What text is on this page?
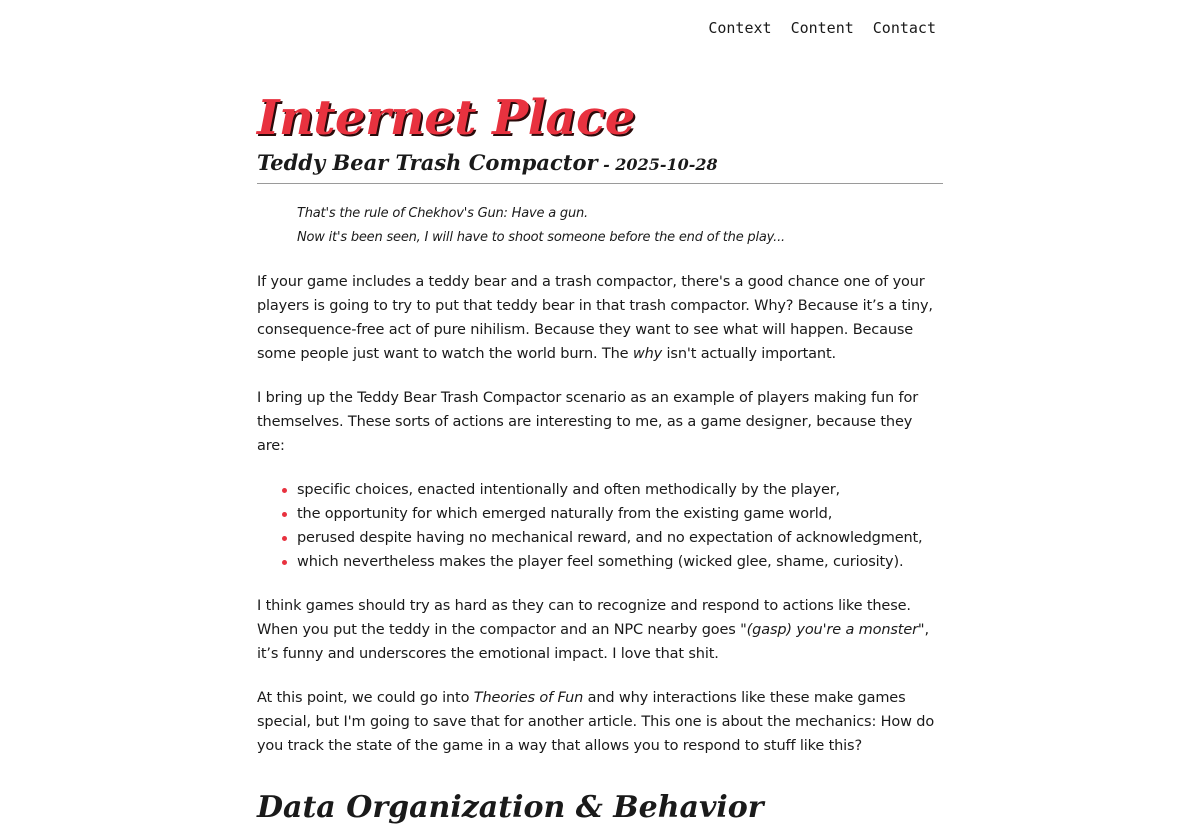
Context Content Contact
Internet Place
Teddy Bear Trash Compactor - 2025-10-28
That's the rule of Chekhov's Gun: Have a gun.
Now it's been seen, I will have to shoot someone before the end of the play...

If your game includes a teddy bear and a trash compactor, there's a good chance one of your players is going to try to put that teddy bear in that trash compactor. Why? Because it’s a tiny, consequence-free act of pure nihilism. Because they want to see what will happen. Because some people just want to watch the world burn. The why isn't actually important.

I bring up the Teddy Bear Trash Compactor scenario as an example of players making fun for themselves. These sorts of actions are interesting to me, as a game designer, because they are:

specific choices, enacted intentionally and often methodically by the player,
the opportunity for which emerged naturally from the existing game world,
perused despite having no mechanical reward, and no expectation of acknowledgment,
which nevertheless makes the player feel something (wicked glee, shame, curiosity).

I think games should try as hard as they can to recognize and respond to actions like these. When you put the teddy in the compactor and an NPC nearby goes "(gasp) you're a monster", it’s funny and underscores the emotional impact. I love that shit.

At this point, we could go into Theories of Fun and why interactions like these make games special, but I'm going to save that for another article. This one is about the mechanics: How do you track the state of the game in a way that allows you to respond to stuff like this?

Data Organization & Behavior
